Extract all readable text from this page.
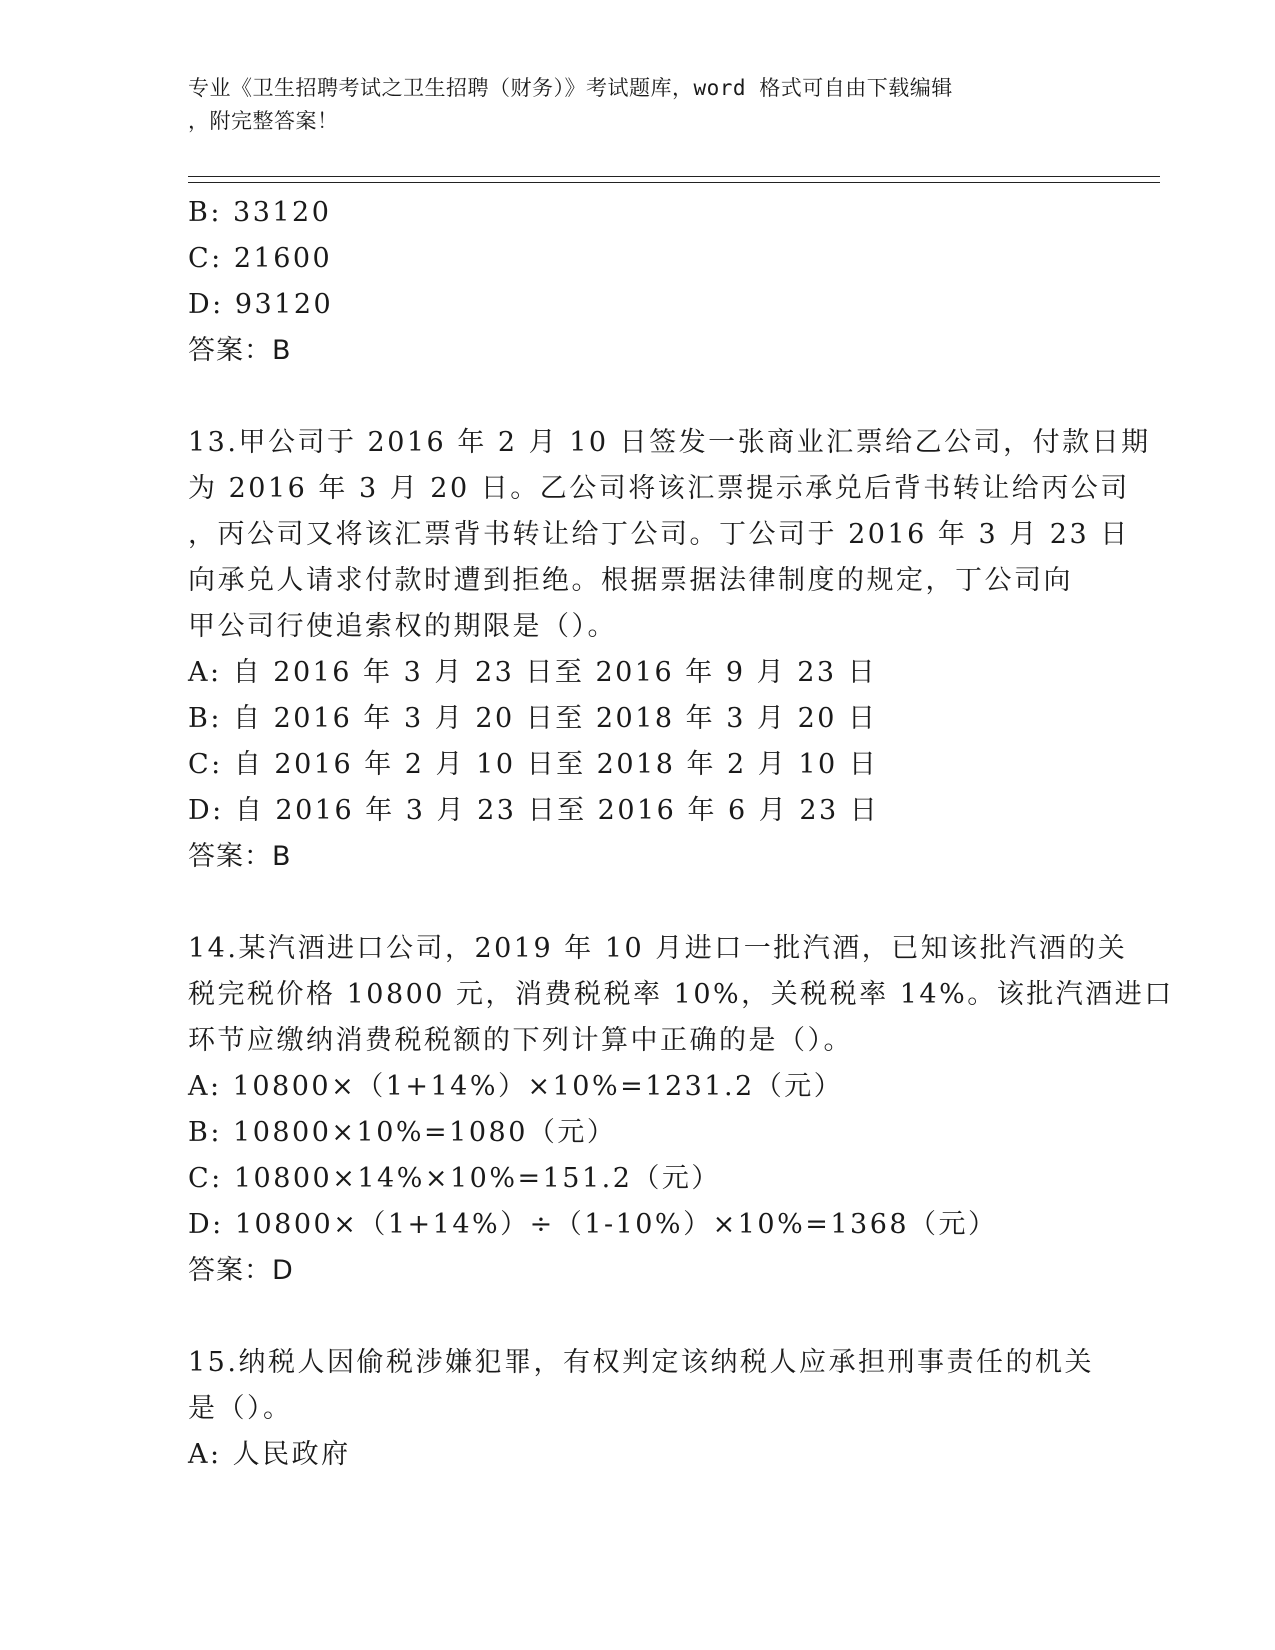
专业《卫生招聘考试之卫生招聘（财务）》考试题库，word 格式可自由下载编辑
，附完整答案！
B: 33120
C: 21600
D: 93120
答案：B
13.甲公司于 2016 年 2 月 10 日签发一张商业汇票给乙公司，付款日期
为 2016 年 3 月 20 日。乙公司将该汇票提示承兑后背书转让给丙公司
，丙公司又将该汇票背书转让给丁公司。丁公司于 2016 年 3 月 23 日
向承兑人请求付款时遭到拒绝。根据票据法律制度的规定，丁公司向
甲公司行使追索权的期限是（）。
A: 自 2016 年 3 月 23 日至 2016 年 9 月 23 日
B: 自 2016 年 3 月 20 日至 2018 年 3 月 20 日
C: 自 2016 年 2 月 10 日至 2018 年 2 月 10 日
D: 自 2016 年 3 月 23 日至 2016 年 6 月 23 日
答案：B
14.某汽酒进口公司，2019 年 10 月进口一批汽酒，已知该批汽酒的关
税完税价格 10800 元，消费税税率 10%，关税税率 14%。该批汽酒进口
环节应缴纳消费税税额的下列计算中正确的是（）。
A: 10800×（1+14%）×10%=1231.2（元）
B: 10800×10%=1080（元）
C: 10800×14%×10%=151.2（元）
D: 10800×（1+14%）÷（1-10%）×10%=1368（元）
答案：D
15.纳税人因偷税涉嫌犯罪，有权判定该纳税人应承担刑事责任的机关
是（）。
A: 人民政府
